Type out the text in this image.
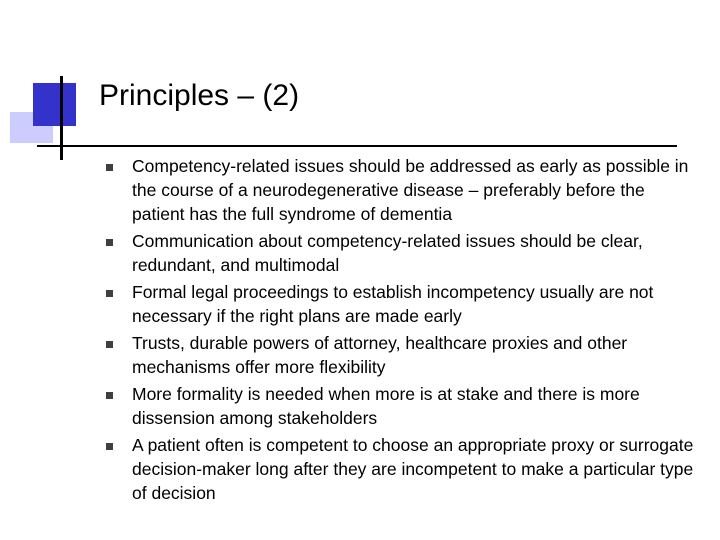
Principles – (2)
Competency-related issues should be addressed as early as possible in the course of a neurodegenerative disease – preferably before the patient has the full syndrome of dementia
Communication about competency-related issues should be clear, redundant, and multimodal
Formal legal proceedings to establish incompetency usually are not necessary if the right plans are made early
Trusts, durable powers of attorney, healthcare proxies and other mechanisms offer more flexibility
More formality is needed when more is at stake and there is more dissension among stakeholders
A patient often is competent to choose an appropriate proxy or surrogate decision-maker long after they are incompetent to make a particular type of decision
